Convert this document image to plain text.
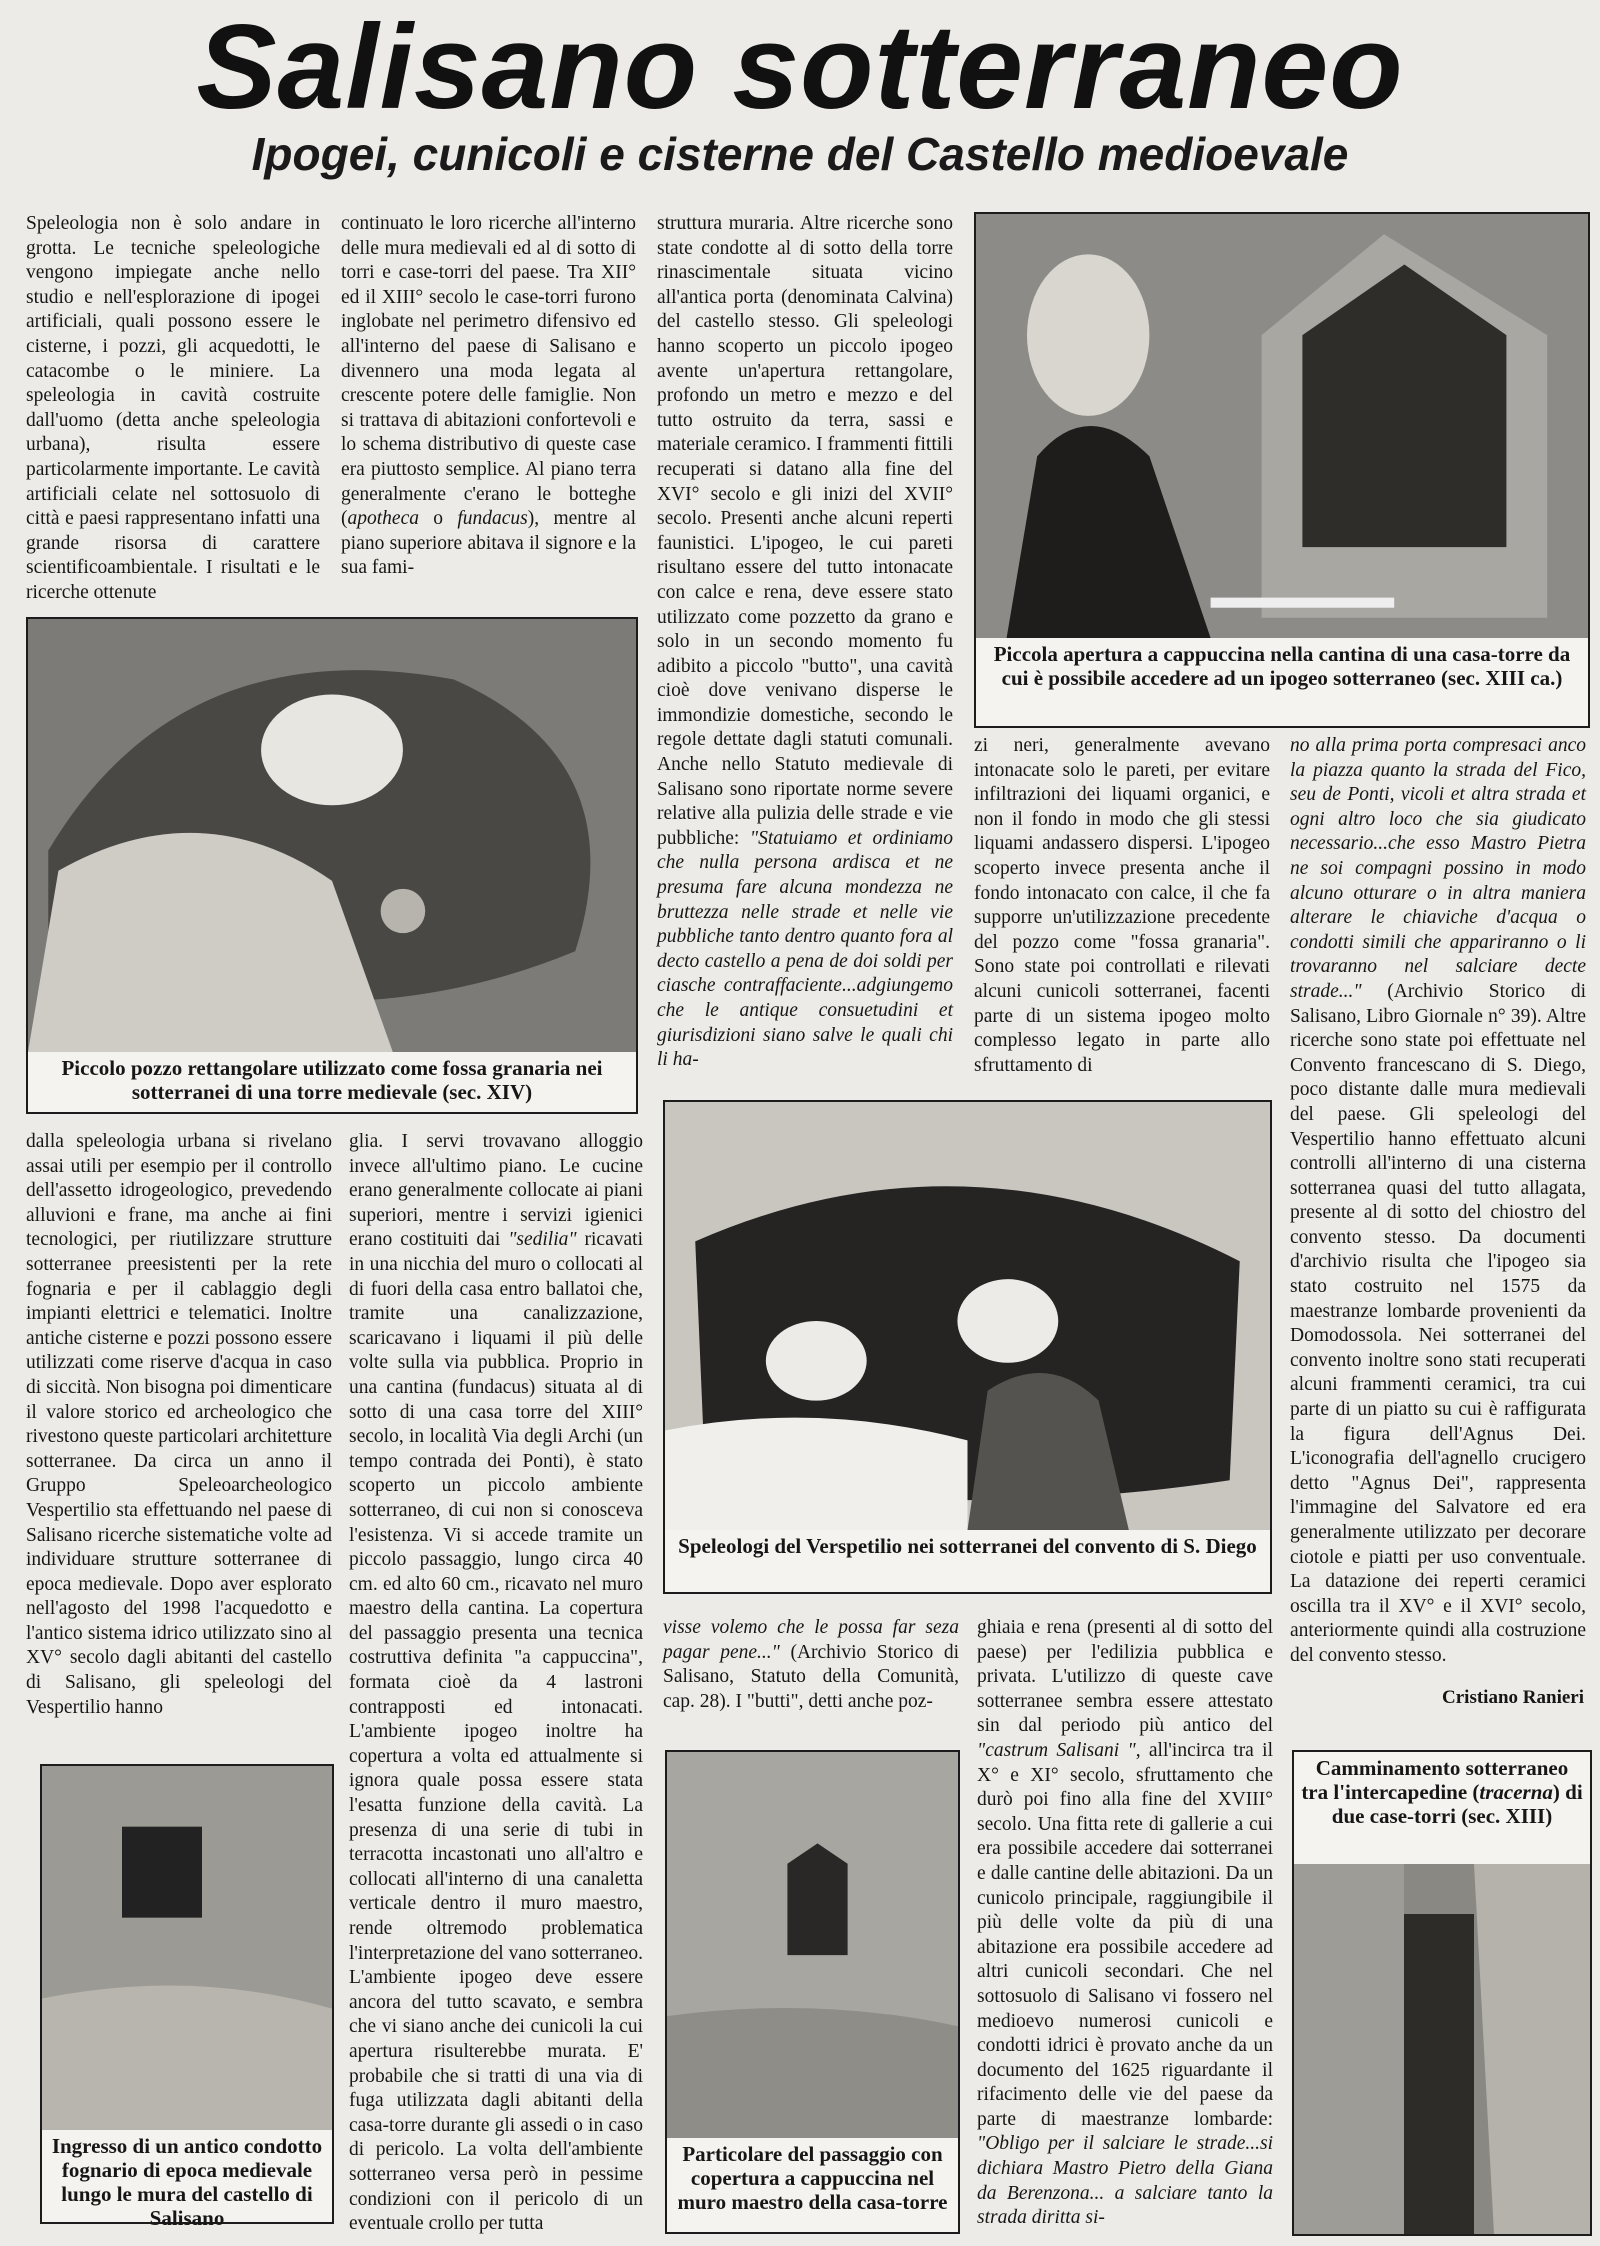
Salisano sotterraneo
Ipogei, cunicoli e cisterne del Castello medioevale

Speleologia non è solo andare in grotta. Le tecniche speleologiche vengono impiegate anche nello studio e nell'esplorazione di ipogei artificiali, quali possono essere le cisterne, i pozzi, gli acquedotti, le catacombe o le miniere. La speleologia in cavità costruite dall'uomo (detta anche speleologia urbana), risulta essere particolarmente importante. Le cavità artificiali celate nel sottosuolo di città e paesi rappresentano infatti una grande risorsa di carattere scientificoambientale. I risultati e le ricerche ottenute

continuato le loro ricerche all'interno delle mura medievali ed al di sotto di torri e case-torri del paese. Tra XII° ed il XIII° secolo le case-torri furono inglobate nel perimetro difensivo ed all'interno del paese di Salisano e divennero una moda legata al crescente potere delle famiglie. Non si trattava di abitazioni confortevoli e lo schema distributivo di queste case era piuttosto semplice. Al piano terra generalmente c'erano le botteghe (apotheca o fundacus), mentre al piano superiore abitava il signore e la sua fami-

struttura muraria. Altre ricerche sono state condotte al di sotto della torre rinascimentale situata vicino all'antica porta (denominata Calvina) del castello stesso. Gli speleologi hanno scoperto un piccolo ipogeo avente un'apertura rettangolare, profondo un metro e mezzo e del tutto ostruito da terra, sassi e materiale ceramico. I frammenti fittili recuperati si datano alla fine del XVI° secolo e gli inizi del XVII° secolo. Presenti anche alcuni reperti faunistici. L'ipogeo, le cui pareti risultano essere del tutto intonacate con calce e rena, deve essere stato utilizzato come pozzetto da grano e solo in un secondo momento fu adibito a piccolo "butto", una cavità cioè dove venivano disperse le immondizie domestiche, secondo le regole dettate dagli statuti comunali. Anche nello Statuto medievale di Salisano sono riportate norme severe relative alla pulizia delle strade e vie pubbliche: "Statuiamo et ordiniamo che nulla persona ardisca et ne presuma fare alcuna mondezza ne bruttezza nelle strade et nelle vie pubbliche tanto dentro quanto fora al decto castello a pena de doi soldi per ciasche contraffaciente...adgiungemo che le antique consuetudini et giurisdizioni siano salve le quali chi li ha-

Piccola apertura a cappuccina nella cantina di una casa-torre da cui è possibile accedere ad un ipogeo sotterraneo (sec. XIII ca.)
Piccolo pozzo rettangolare utilizzato come fossa granaria nei sotterranei di una torre medievale (sec. XIV)

zi neri, generalmente avevano intonacate solo le pareti, per evitare infiltrazioni dei liquami organici, e non il fondo in modo che gli stessi liquami andassero dispersi. L'ipogeo scoperto invece presenta anche il fondo intonacato con calce, il che fa supporre un'utilizzazione precedente del pozzo come "fossa granaria". Sono state poi controllati e rilevati alcuni cunicoli sotterranei, facenti parte di un sistema ipogeo molto complesso legato in parte allo sfruttamento di

no alla prima porta compresaci anco la piazza quanto la strada del Fico, seu de Ponti, vicoli et altra strada et ogni altro loco che sia giudicato necessario...che esso Mastro Pietra ne soi compagni possino in modo alcuno otturare o in altra maniera alterare le chiaviche d'acqua o condotti simili che appariranno o li trovaranno nel salciare decte strade..." (Archivio Storico di Salisano, Libro Giornale n° 39). Altre ricerche sono state poi effettuate nel Convento francescano di S. Diego, poco distante dalle mura medievali del paese. Gli speleologi del Vespertilio hanno effettuato alcuni controlli all'interno di una cisterna sotterranea quasi del tutto allagata, presente al di sotto del chiostro del convento stesso. Da documenti d'archivio risulta che l'ipogeo sia stato costruito nel 1575 da maestranze lombarde provenienti da Domodossola. Nei sotterranei del convento inoltre sono stati recuperati alcuni frammenti ceramici, tra cui parte di un piatto su cui è raffigurata la figura dell'Agnus Dei. L'iconografia dell'agnello crucigero detto "Agnus Dei", rappresenta l'immagine del Salvatore ed era generalmente utilizzato per decorare ciotole e piatti per uso conventuale. La datazione dei reperti ceramici oscilla tra il XV° e il XVI° secolo, anteriormente quindi alla costruzione del convento stesso.

Cristiano Ranieri

dalla speleologia urbana si rivelano assai utili per esempio per il controllo dell'assetto idrogeologico, prevedendo alluvioni e frane, ma anche ai fini tecnologici, per riutilizzare strutture sotterranee preesistenti per la rete fognaria e per il cablaggio degli impianti elettrici e telematici. Inoltre antiche cisterne e pozzi possono essere utilizzati come riserve d'acqua in caso di siccità. Non bisogna poi dimenticare il valore storico ed archeologico che rivestono queste particolari architetture sotterranee. Da circa un anno il Gruppo Speleoarcheologico Vespertilio sta effettuando nel paese di Salisano ricerche sistematiche volte ad individuare strutture sotterranee di epoca medievale. Dopo aver esplorato nell'agosto del 1998 l'acquedotto e l'antico sistema idrico utilizzato sino al XV° secolo dagli abitanti del castello di Salisano, gli speleologi del Vespertilio hanno

glia. I servi trovavano alloggio invece all'ultimo piano. Le cucine erano generalmente collocate ai piani superiori, mentre i servizi igienici erano costituiti dai "sedilia" ricavati in una nicchia del muro o collocati al di fuori della casa entro ballatoi che, tramite una canalizzazione, scaricavano i liquami il più delle volte sulla via pubblica. Proprio in una cantina (fundacus) situata al di sotto di una casa torre del XIII° secolo, in località Via degli Archi (un tempo contrada dei Ponti), è stato scoperto un piccolo ambiente sotterraneo, di cui non si conosceva l'esistenza. Vi si accede tramite un piccolo passaggio, lungo circa 40 cm. ed alto 60 cm., ricavato nel muro maestro della cantina. La copertura del passaggio presenta una tecnica costruttiva definita "a cappuccina", formata cioè da 4 lastroni contrapposti ed intonacati. L'ambiente ipogeo inoltre ha copertura a volta ed attualmente si ignora quale possa essere stata l'esatta funzione della cavità. La presenza di una serie di tubi in terracotta incastonati uno all'altro e collocati all'interno di una canaletta verticale dentro il muro maestro, rende oltremodo problematica l'interpretazione del vano sotterraneo. L'ambiente ipogeo deve essere ancora del tutto scavato, e sembra che vi siano anche dei cunicoli la cui apertura risulterebbe murata. E' probabile che si tratti di una via di fuga utilizzata dagli abitanti della casa-torre durante gli assedi o in caso di pericolo. La volta dell'ambiente sotterraneo versa però in pessime condizioni con il pericolo di un eventuale crollo per tutta

Speleologi del Verspetilio nei sotterranei del convento di S. Diego

visse volemo che le possa far seza pagar pene..." (Archivio Storico di Salisano, Statuto della Comunità, cap. 28). I "butti", detti anche poz-

ghiaia e rena (presenti al di sotto del paese) per l'edilizia pubblica e privata. L'utilizzo di queste cave sotterranee sembra essere attestato sin dal periodo più antico del "castrum Salisani ", all'incirca tra il X° e XI° secolo, sfruttamento che durò poi fino alla fine del XVIII° secolo. Una fitta rete di gallerie a cui era possibile accedere dai sotterranei e dalle cantine delle abitazioni. Da un cunicolo principale, raggiungibile il più delle volte da più di una abitazione era possibile accedere ad altri cunicoli secondari. Che nel sottosuolo di Salisano vi fossero nel medioevo numerosi cunicoli e condotti idrici è provato anche da un documento del 1625 riguardante il rifacimento delle vie del paese da parte di maestranze lombarde: "Obligo per il salciare le strade...si dichiara Mastro Pietro della Giana da Berenzona... a salciare tanto la strada diritta si-

Ingresso di un antico condotto fognario di epoca medievale lungo le mura del castello di Salisano
Particolare del passaggio con copertura a cappuccina nel muro maestro della casa-torre
Camminamento sotterraneo tra l'intercapedine (tracerna) di due case-torri (sec. XIII)
